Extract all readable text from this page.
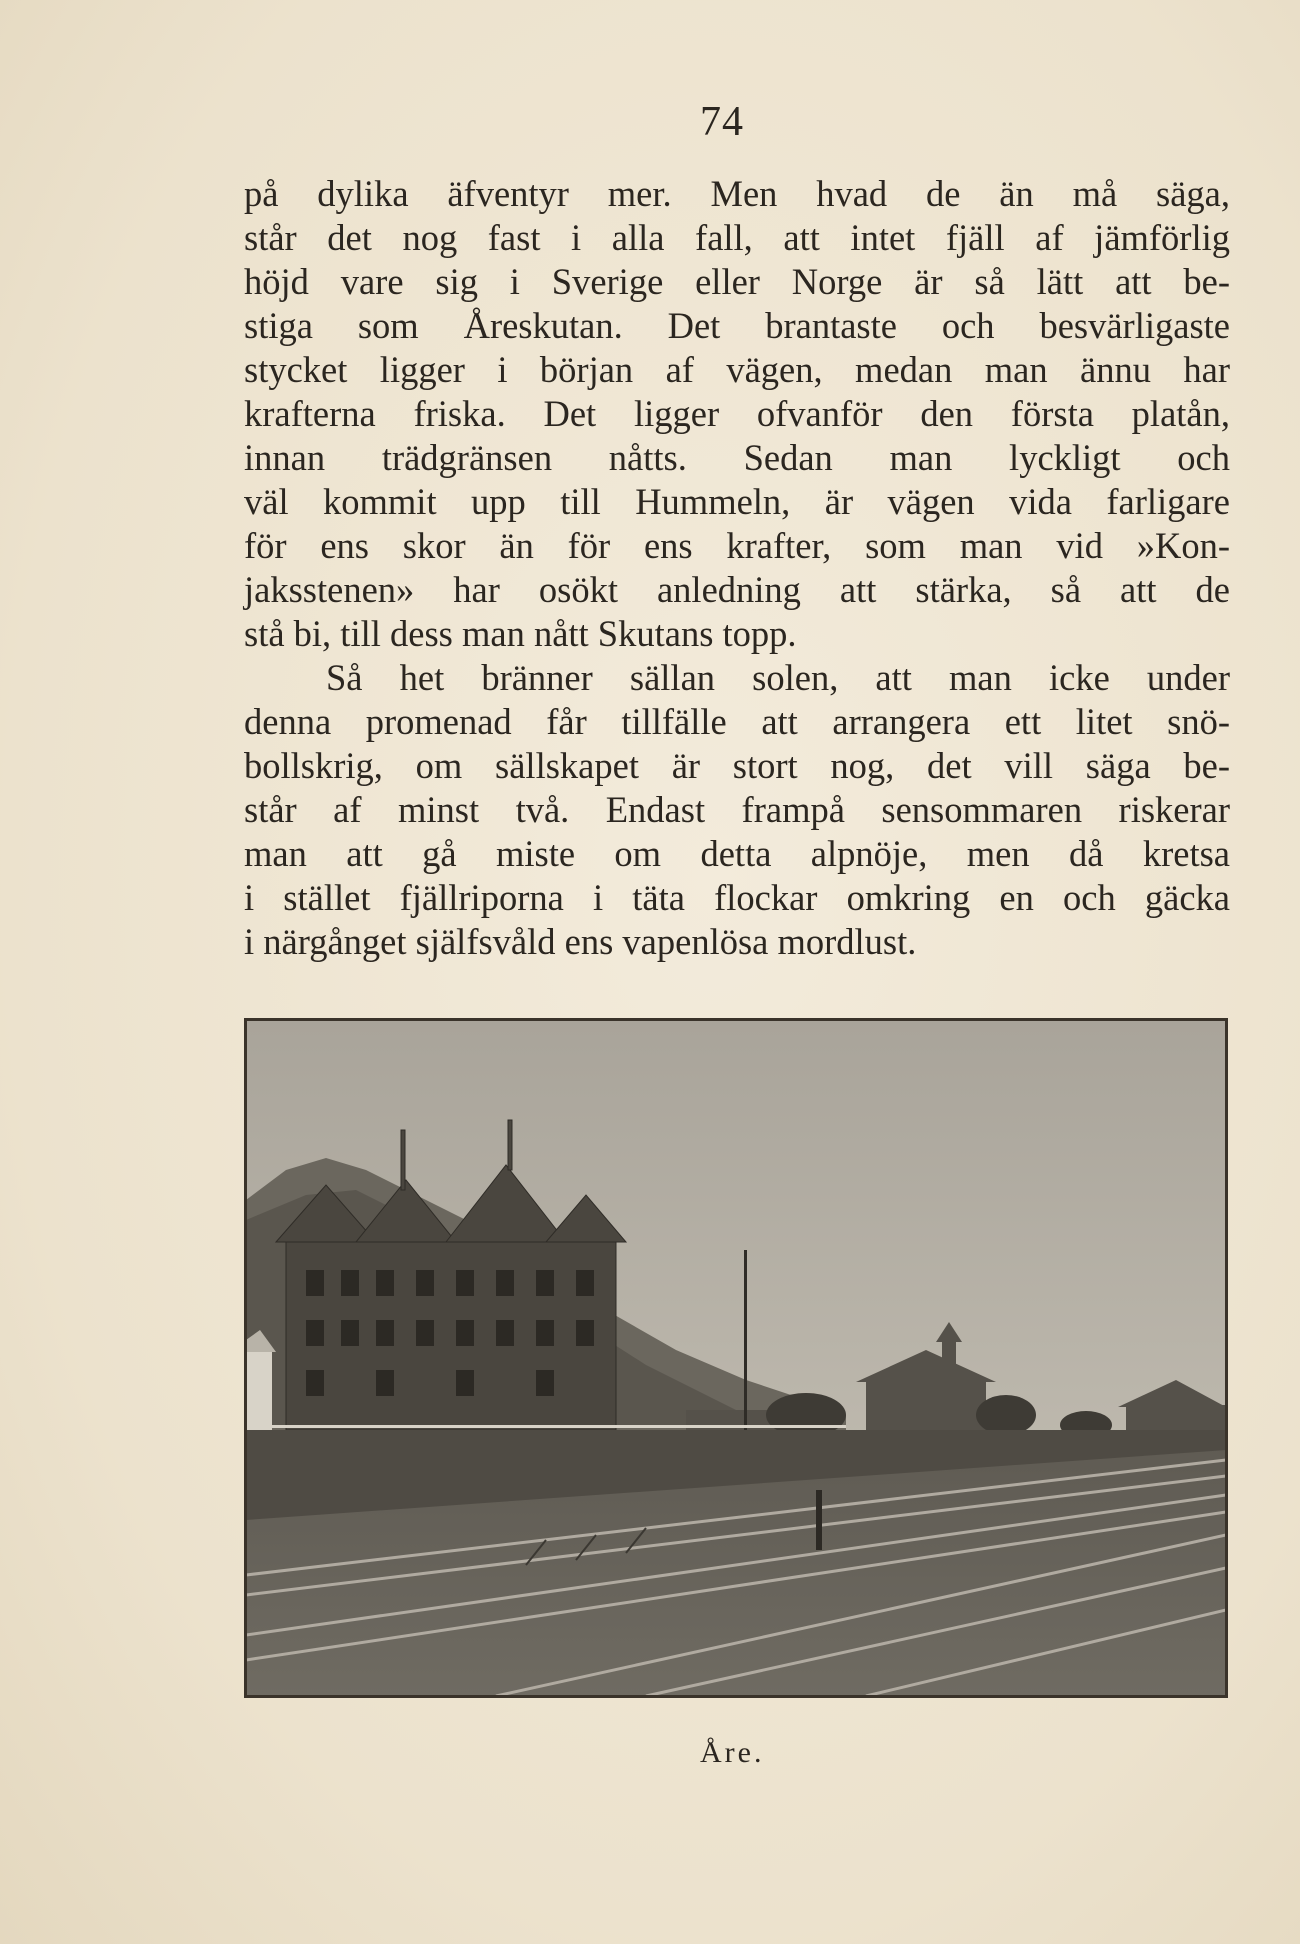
74
på dylika äfventyr mer. Men hvad de än må säga,
står det nog fast i alla fall, att intet fjäll af jämförlig
höjd vare sig i Sverige eller Norge är så lätt att be-
stiga som Åreskutan. Det brantaste och besvärligaste
stycket ligger i början af vägen, medan man ännu har
krafterna friska. Det ligger ofvanför den första platån,
innan trädgränsen nåtts. Sedan man lyckligt och
väl kommit upp till Hummeln, är vägen vida farligare
för ens skor än för ens krafter, som man vid »Kon-
jaksstenen» har osökt anledning att stärka, så att de
stå bi, till dess man nått Skutans topp.
Så het bränner sällan solen, att man icke under
denna promenad får tillfälle att arrangera ett litet snö-
bollskrig, om sällskapet är stort nog, det vill säga be-
står af minst två. Endast frampå sensommaren riskerar
man att gå miste om detta alpnöje, men då kretsa
i stället fjällriporna i täta flockar omkring en och gäcka
i närgånget själfsvåld ens vapenlösa mordlust.
Åre.
